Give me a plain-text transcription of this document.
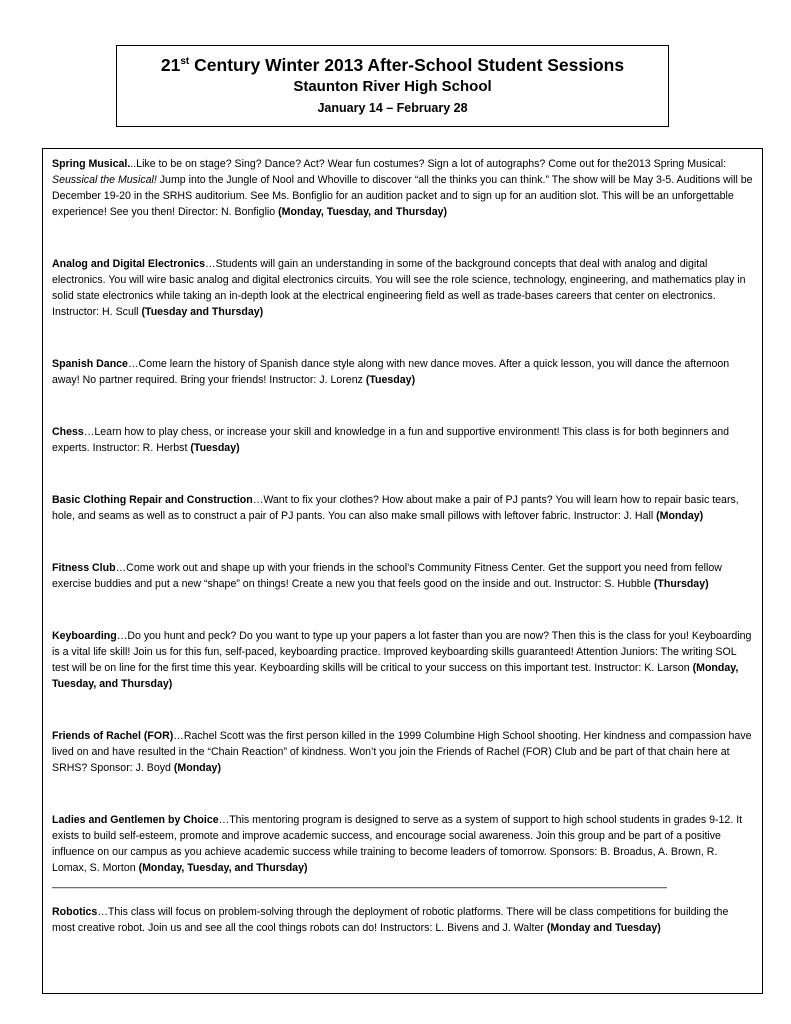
21st Century Winter 2013 After-School Student Sessions
Staunton River High School
January 14 – February 28

Spring Musical...Like to be on stage? Sing? Dance? Act? Wear fun costumes? Sign a lot of autographs? Come out for the2013 Spring Musical: Seussical the Musical! Jump into the Jungle of Nool and Whoville to discover “all the thinks you can think.” The show will be May 3-5. Auditions will be December 19-20 in the SRHS auditorium. See Ms. Bonfiglio for an audition packet and to sign up for an audition slot. This will be an unforgettable experience! See you then! Director: N. Bonfiglio (Monday, Tuesday, and Thursday)

Analog and Digital Electronics…Students will gain an understanding in some of the background concepts that deal with analog and digital electronics. You will wire basic analog and digital electronics circuits. You will see the role science, technology, engineering, and mathematics play in solid state electronics while taking an in-depth look at the electrical engineering field as well as trade-bases careers that center on electronics. Instructor: H. Scull (Tuesday and Thursday)

Spanish Dance…Come learn the history of Spanish dance style along with new dance moves. After a quick lesson, you will dance the afternoon away! No partner required. Bring your friends! Instructor: J. Lorenz (Tuesday)

Chess…Learn how to play chess, or increase your skill and knowledge in a fun and supportive environment! This class is for both beginners and experts. Instructor: R. Herbst (Tuesday)

Basic Clothing Repair and Construction…Want to fix your clothes? How about make a pair of PJ pants? You will learn how to repair basic tears, hole, and seams as well as to construct a pair of PJ pants. You can also make small pillows with leftover fabric. Instructor: J. Hall (Monday)

Fitness Club…Come work out and shape up with your friends in the school’s Community Fitness Center. Get the support you need from fellow exercise buddies and put a new “shape” on things! Create a new you that feels good on the inside and out. Instructor: S. Hubble (Thursday)

Keyboarding…Do you hunt and peck? Do you want to type up your papers a lot faster than you are now? Then this is the class for you! Keyboarding is a vital life skill! Join us for this fun, self-paced, keyboarding practice. Improved keyboarding skills guaranteed! Attention Juniors: The writing SOL test will be on line for the first time this year. Keyboarding skills will be critical to your success on this important test. Instructor: K. Larson (Monday, Tuesday, and Thursday)

Friends of Rachel (FOR)…Rachel Scott was the first person killed in the 1999 Columbine High School shooting. Her kindness and compassion have lived on and have resulted in the “Chain Reaction” of kindness. Won’t you join the Friends of Rachel (FOR) Club and be part of that chain here at SRHS? Sponsor: J. Boyd (Monday)

Ladies and Gentlemen by Choice…This mentoring program is designed to serve as a system of support to high school students in grades 9-12. It exists to build self-esteem, promote and improve academic success, and encourage social awareness. Join this group and be part of a positive influence on our campus as you achieve academic success while training to become leaders of tomorrow. Sponsors: B. Broadus, A. Brown, R. Lomax, S. Morton (Monday, Tuesday, and Thursday)

____________________________________________________________________________________________________________

Robotics…This class will focus on problem-solving through the deployment of robotic platforms. There will be class competitions for building the most creative robot. Join us and see all the cool things robots can do! Instructors: L. Bivens and J. Walter (Monday and Tuesday)
